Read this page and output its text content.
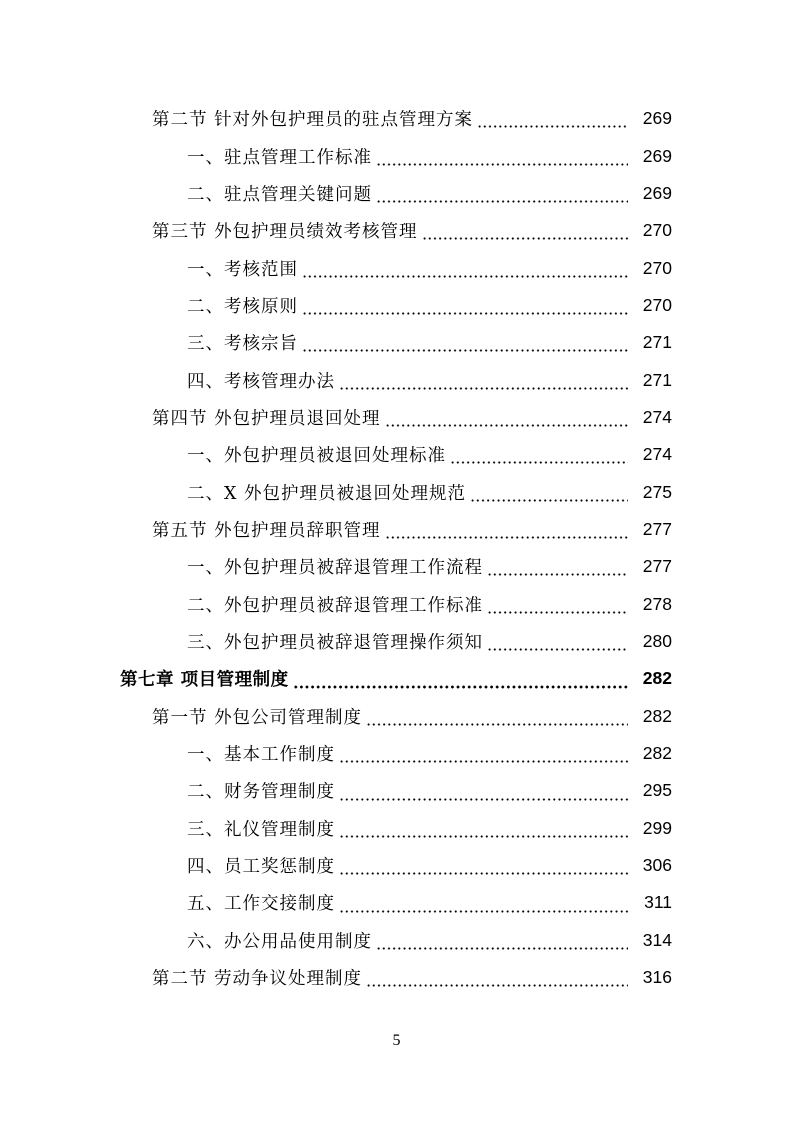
第二节 针对外包护理员的驻点管理方案	269
一、驻点管理工作标准	269
二、驻点管理关键问题	269
第三节 外包护理员绩效考核管理	270
一、考核范围	270
二、考核原则	270
三、考核宗旨	271
四、考核管理办法	271
第四节 外包护理员退回处理	274
一、外包护理员被退回处理标准	274
二、X 外包护理员被退回处理规范	275
第五节 外包护理员辞职管理	277
一、外包护理员被辞退管理工作流程	277
二、外包护理员被辞退管理工作标准	278
三、外包护理员被辞退管理操作须知	280
第七章 项目管理制度	282
第一节 外包公司管理制度	282
一、基本工作制度	282
二、财务管理制度	295
三、礼仪管理制度	299
四、员工奖惩制度	306
五、工作交接制度	311
六、办公用品使用制度	314
第二节 劳动争议处理制度	316
5
